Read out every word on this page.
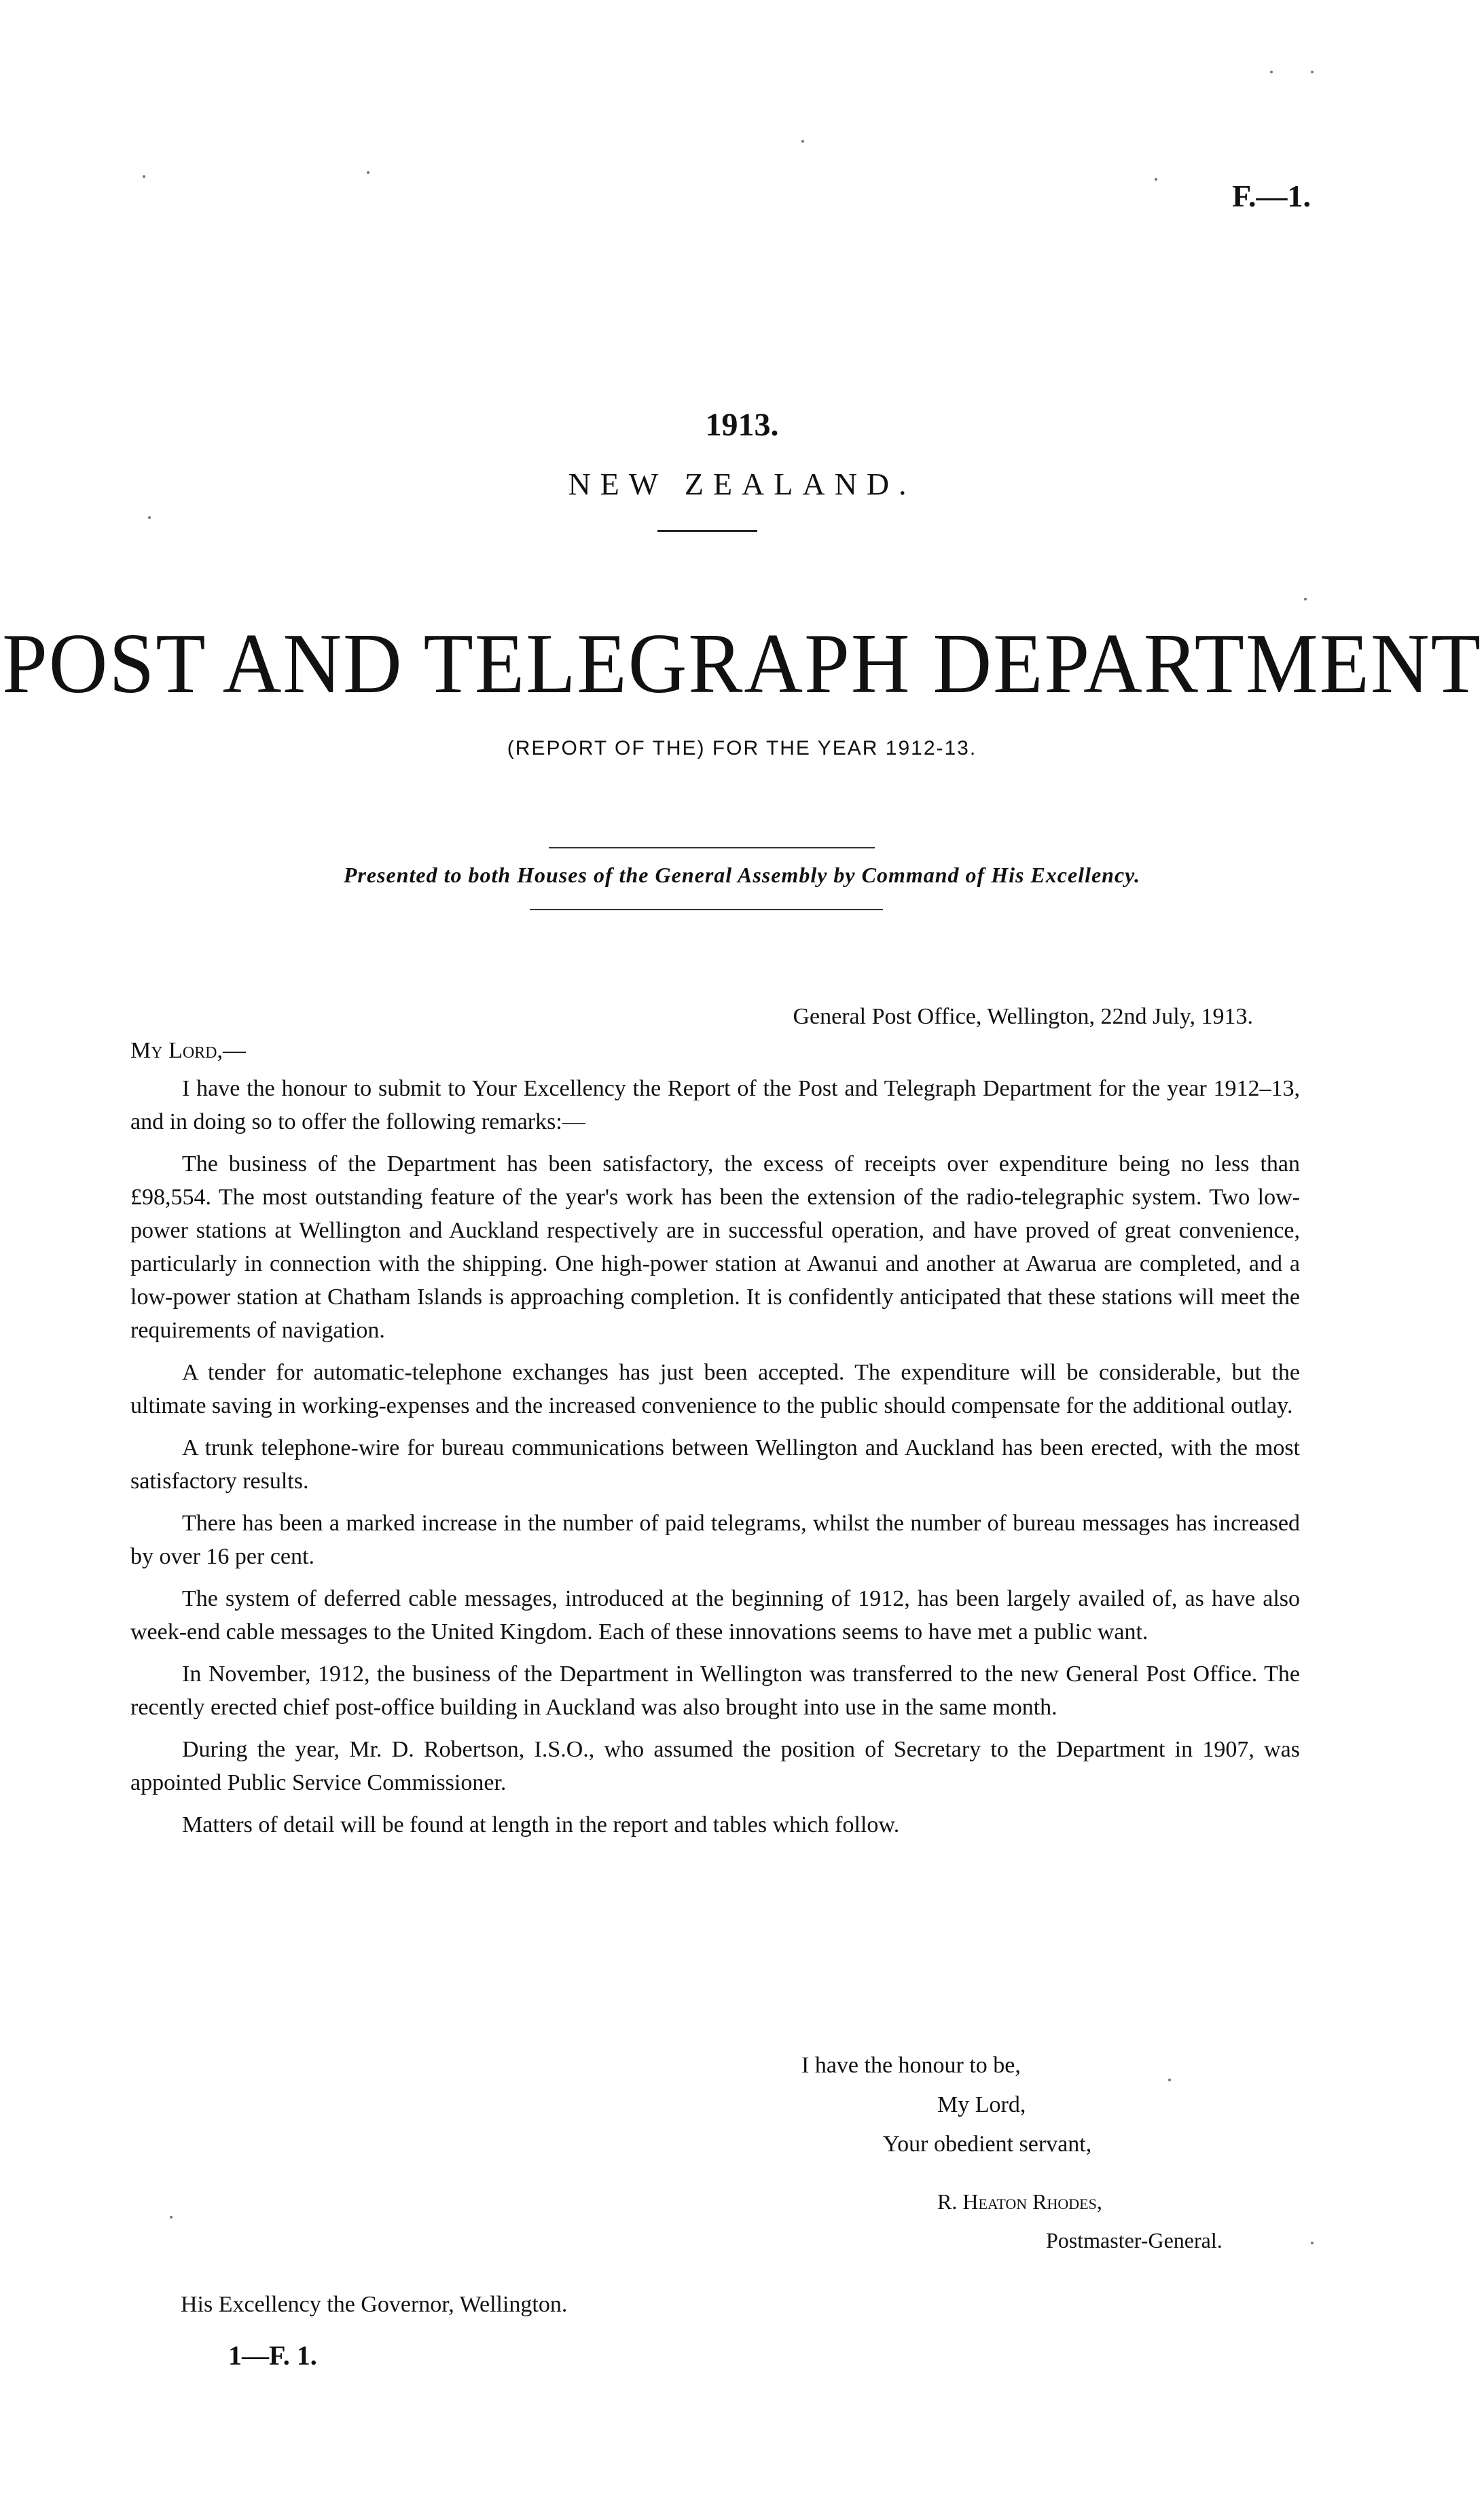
F.—1.
1913.
NEW ZEALAND.
POST AND TELEGRAPH DEPARTMENT
(REPORT OF THE) FOR THE YEAR 1912-13.
Presented to both Houses of the General Assembly by Command of His Excellency.
General Post Office, Wellington, 22nd July, 1913.
My Lord,—

I have the honour to submit to Your Excellency the Report of the Post and Telegraph Department for the year 1912–13, and in doing so to offer the following remarks:—

The business of the Department has been satisfactory, the excess of receipts over expenditure being no less than £98,554. The most outstanding feature of the year's work has been the extension of the radio-telegraphic system. Two low-power stations at Wellington and Auckland respectively are in successful operation, and have proved of great convenience, particularly in connection with the shipping. One high-power station at Awanui and another at Awarua are completed, and a low-power station at Chatham Islands is approaching completion. It is confidently anticipated that these stations will meet the requirements of navigation.

A tender for automatic-telephone exchanges has just been accepted. The expenditure will be considerable, but the ultimate saving in working-expenses and the increased convenience to the public should compensate for the additional outlay.

A trunk telephone-wire for bureau communications between Wellington and Auckland has been erected, with the most satisfactory results.

There has been a marked increase in the number of paid telegrams, whilst the number of bureau messages has increased by over 16 per cent.

The system of deferred cable messages, introduced at the beginning of 1912, has been largely availed of, as have also week-end cable messages to the United Kingdom. Each of these innovations seems to have met a public want.

In November, 1912, the business of the Department in Wellington was transferred to the new General Post Office. The recently erected chief post-office building in Auckland was also brought into use in the same month.

During the year, Mr. D. Robertson, I.S.O., who assumed the position of Secretary to the Department in 1907, was appointed Public Service Commissioner.

Matters of detail will be found at length in the report and tables which follow.

I have the honour to be,
My Lord,
Your obedient servant,
R. Heaton Rhodes,
Postmaster-General.
His Excellency the Governor, Wellington.
1—F. 1.
